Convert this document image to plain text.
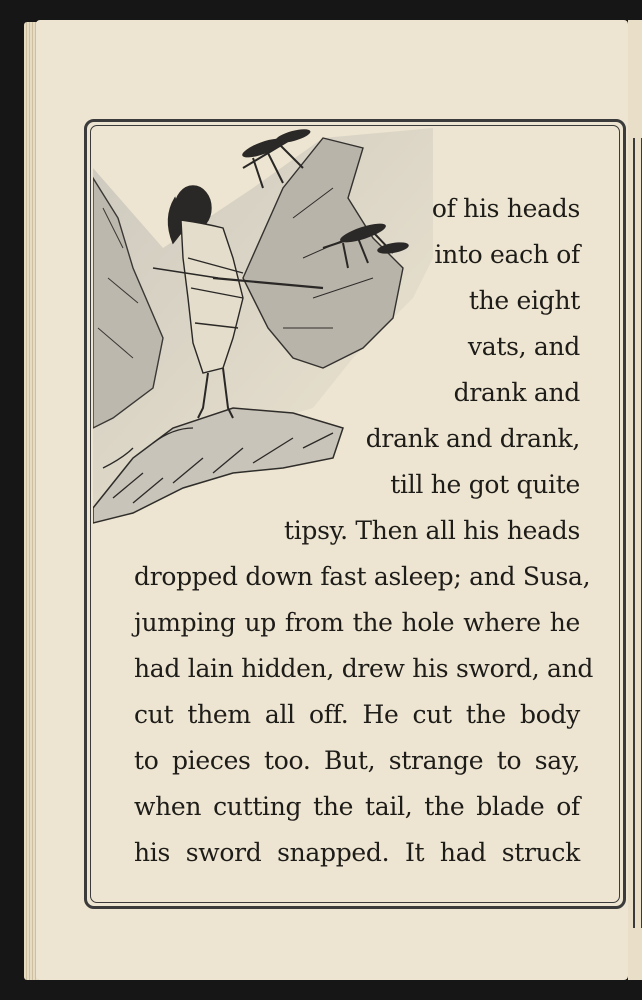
of his heads
into each of
the eight
vats, and
drank and
drank and drank,
till he got quite
tipsy. Then all his heads
dropped down fast asleep; and Susa,
jumping up from the hole where he
had lain hidden, drew his sword, and
cut them all off. He cut the body
to pieces too. But, strange to say,
when cutting the tail, the blade of
his sword snapped. It had struck
